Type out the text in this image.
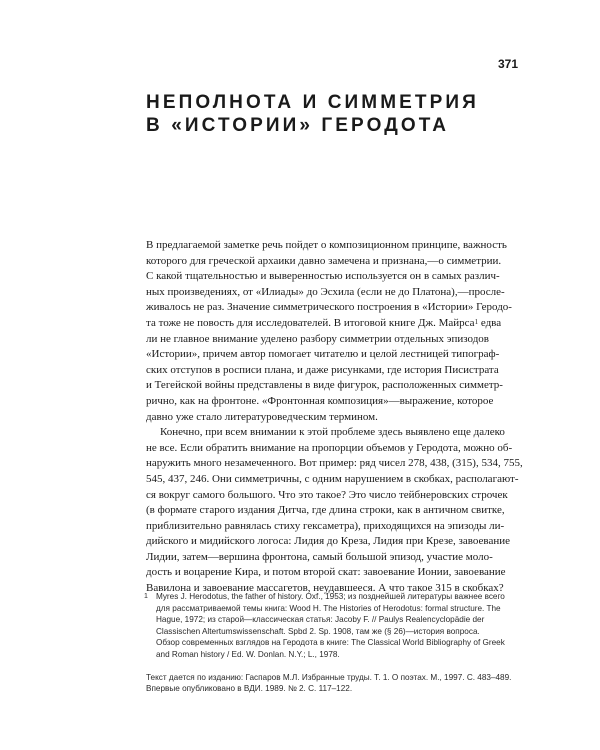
371
НЕПОЛНОТА И СИММЕТРИЯ
В «ИСТОРИИ» ГЕРОДОТА
В предлагаемой заметке речь пойдет о композиционном принципе, важность
которого для греческой архаики давно замечена и признана,—о симметрии.
С какой тщательностью и выверенностью используется он в самых различ-
ных произведениях, от «Илиады» до Эсхила (если не до Платона),—просле-
живалось не раз. Значение симметрического построения в «Истории» Геродо-
та тоже не повость для исследователей. В итоговой книге Дж. Майрса$^1$ едва
ли не главное внимание уделено разбору симметрии отдельных эпизодов
«Истории», причем автор помогает читателю и целой лестницей типограф-
ских отступов в росписи плана, и даже рисунками, где история Писистрата
и Тегейской войны представлены в виде фигурок, расположенных симметр-
рично, как на фронтоне. «Фронтонная композиция»—выражение, которое
давно уже стало литературоведческим термином.
Конечно, при всем внимании к этой проблеме здесь выявлено еще далеко
не все. Если обратить внимание на пропорции объемов у Геродота, можно об-
наружить много незамеченного. Вот пример: ряд чисел 278, 438, (315), 534, 755,
545, 437, 246. Они симметричны, с одним нарушением в скобках, располагают-
ся вокруг самого большого. Что это такое? Это число тейбнеровских строчек
(в формате старого издания Дитча, где длина строки, как в античном свитке,
приблизительно равнялась стиху гексаметра), приходящихся на эпизоды ли-
дийского и мидийского логоса: Лидия до Креза, Лидия при Крезе, завоевание
Лидии, затем—вершина фронтона, самый большой эпизод, участие моло-
дость и воцарение Кира, и потом второй скат: завоевание Ионии, завоевание
Вавилона и завоевание массагетов, неудавшееся. А что такое 315 в скобках?
1 Myres J. Herodotus, the father of history. Oxf., 1953; из позднейшей литературы важнее всего
для рассматриваемой темы книга: Wood H. The Histories of Herodotus: formal structure. The
Hague, 1972; из старой—классическая статья: Jacoby F. // Paulys Realencyclopädie der
Classischen Altertumswissenschaft. Spbd 2. Sp. 1908, там же (§ 26)—история вопроса.
Обзор современных взглядов на Геродота в книге: The Classical World Bibliography of Greek
and Roman history / Ed. W. Donlan. N.Y.; L., 1978.
Текст дается по изданию: Гаспаров М.Л. Избранные труды. Т. 1. О поэтах. М., 1997. С. 483–489.
Впервые опубликовано в ВДИ. 1989. № 2. С. 117–122.
